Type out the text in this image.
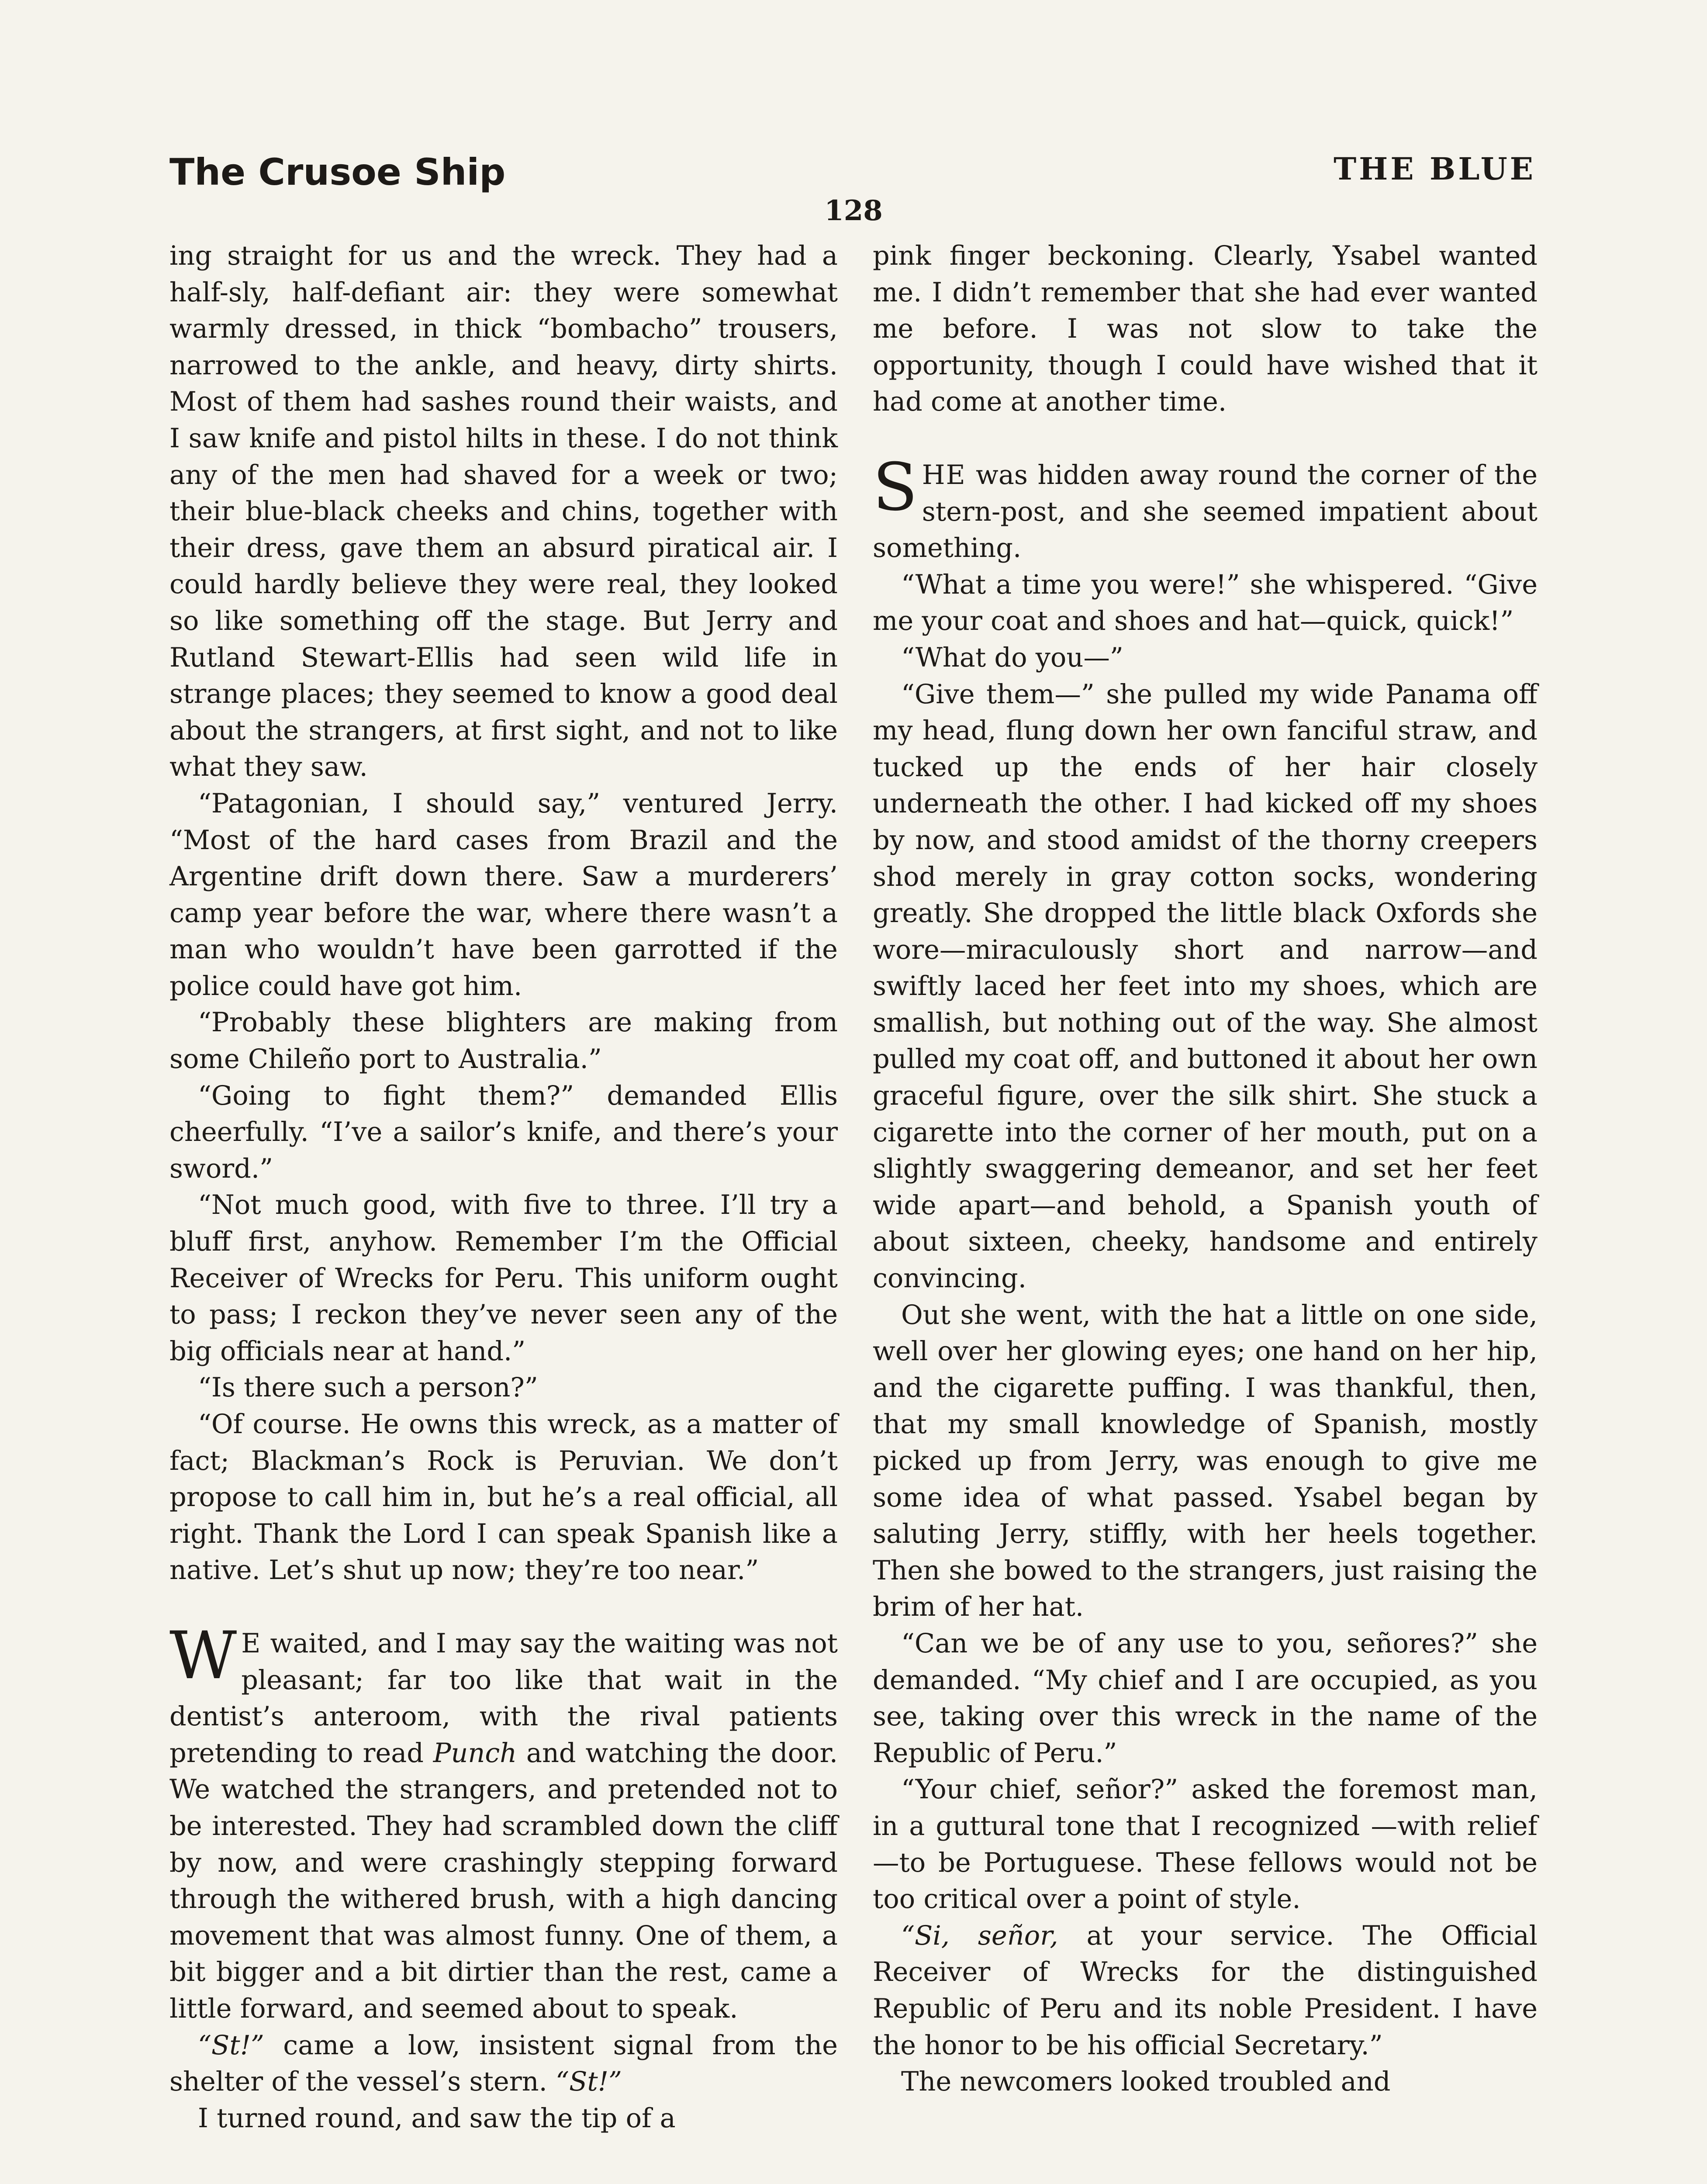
The Crusoe Ship	THE BLUE
128

ing straight for us and the wreck. They had a half-sly, half-defiant air: they were somewhat warmly dressed, in thick “bombacho” trousers, narrowed to the ankle, and heavy, dirty shirts. Most of them had sashes round their waists, and I saw knife and pistol hilts in these. I do not think any of the men had shaved for a week or two; their blue-black cheeks and chins, together with their dress, gave them an absurd piratical air. I could hardly believe they were real, they looked so like something off the stage. But Jerry and Rutland Stewart-Ellis had seen wild life in strange places; they seemed to know a good deal about the strangers, at first sight, and not to like what they saw.

“Patagonian, I should say,” ventured Jerry. “Most of the hard cases from Brazil and the Argentine drift down there. Saw a murderers’ camp year before the war, where there wasn’t a man who wouldn’t have been garrotted if the police could have got him.

“Probably these blighters are making from some Chileño port to Australia.”

“Going to fight them?” demanded Ellis cheerfully. “I’ve a sailor’s knife, and there’s your sword.”

“Not much good, with five to three. I’ll try a bluff first, anyhow. Remember I’m the Official Receiver of Wrecks for Peru. This uniform ought to pass; I reckon they’ve never seen any of the big officials near at hand.”

“Is there such a person?”

“Of course. He owns this wreck, as a matter of fact; Blackman’s Rock is Peruvian. We don’t propose to call him in, but he’s a real official, all right. Thank the Lord I can speak Spanish like a native. Let’s shut up now; they’re too near.”

W E waited, and I may say the waiting was not pleasant; far too like that wait in the dentist’s anteroom, with the rival patients pretending to read Punch and watching the door. We watched the strangers, and pretended not to be interested. They had scrambled down the cliff by now, and were crashingly stepping forward through the withered brush, with a high dancing movement that was almost funny. One of them, a bit bigger and a bit dirtier than the rest, came a little forward, and seemed about to speak.

“St!” came a low, insistent signal from the shelter of the vessel’s stern. “St!”

I turned round, and saw the tip of a

pink finger beckoning. Clearly, Ysabel wanted me. I didn’t remember that she had ever wanted me before. I was not slow to take the opportunity, though I could have wished that it had come at another time.

SHE was hidden away round the corner of the stern-post, and she seemed impatient about something.

“What a time you were!” she whispered. “Give me your coat and shoes and hat—quick, quick!”

“What do you—”

“Give them—” she pulled my wide Panama off my head, flung down her own fanciful straw, and tucked up the ends of her hair closely underneath the other. I had kicked off my shoes by now, and stood amidst of the thorny creepers shod merely in gray cotton socks, wondering greatly. She dropped the little black Oxfords she wore—miraculously short and narrow—and swiftly laced her feet into my shoes, which are smallish, but nothing out of the way. She almost pulled my coat off, and buttoned it about her own graceful figure, over the silk shirt. She stuck a cigarette into the corner of her mouth, put on a slightly swaggering demeanor, and set her feet wide apart—and behold, a Spanish youth of about sixteen, cheeky, handsome and entirely convincing.

Out she went, with the hat a little on one side, well over her glowing eyes; one hand on her hip, and the cigarette puffing. I was thankful, then, that my small knowledge of Spanish, mostly picked up from Jerry, was enough to give me some idea of what passed. Ysabel began by saluting Jerry, stiffly, with her heels together. Then she bowed to the strangers, just raising the brim of her hat.

“Can we be of any use to you, señores?” she demanded. “My chief and I are occupied, as you see, taking over this wreck in the name of the Republic of Peru.”

“Your chief, señor?” asked the foremost man, in a guttural tone that I recognized —with relief—to be Portuguese. These fellows would not be too critical over a point of style.

“Si, señor, at your service. The Official Receiver of Wrecks for the distinguished Republic of Peru and its noble President. I have the honor to be his official Secretary.”

The newcomers looked troubled and
